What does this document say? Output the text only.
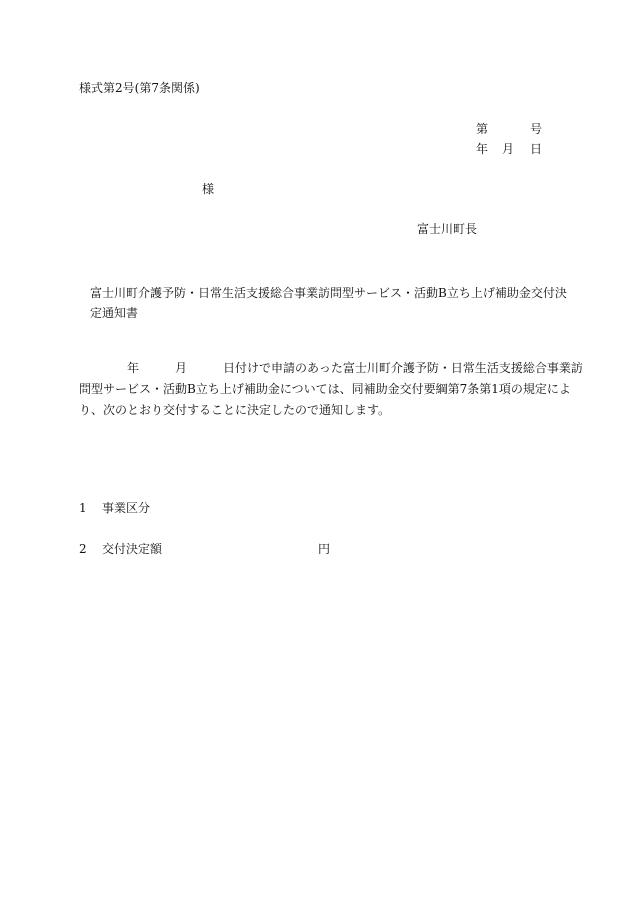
様式第2号(第7条関係)
第	号
年 月 日
様
富士川町長
富士川町介護予防・日常生活支援総合事業訪問型サービス・活動B立ち上げ補助金交付決
定通知書
　　　　年　　　月　　　日付けで申請のあった富士川町介護予防・日常生活支援総合事業訪
問型サービス・活動B立ち上げ補助金については、同補助金交付要綱第7条第1項の規定によ
り、次のとおり交付することに決定したので通知します。
1 事業区分
2 交付決定額	円
